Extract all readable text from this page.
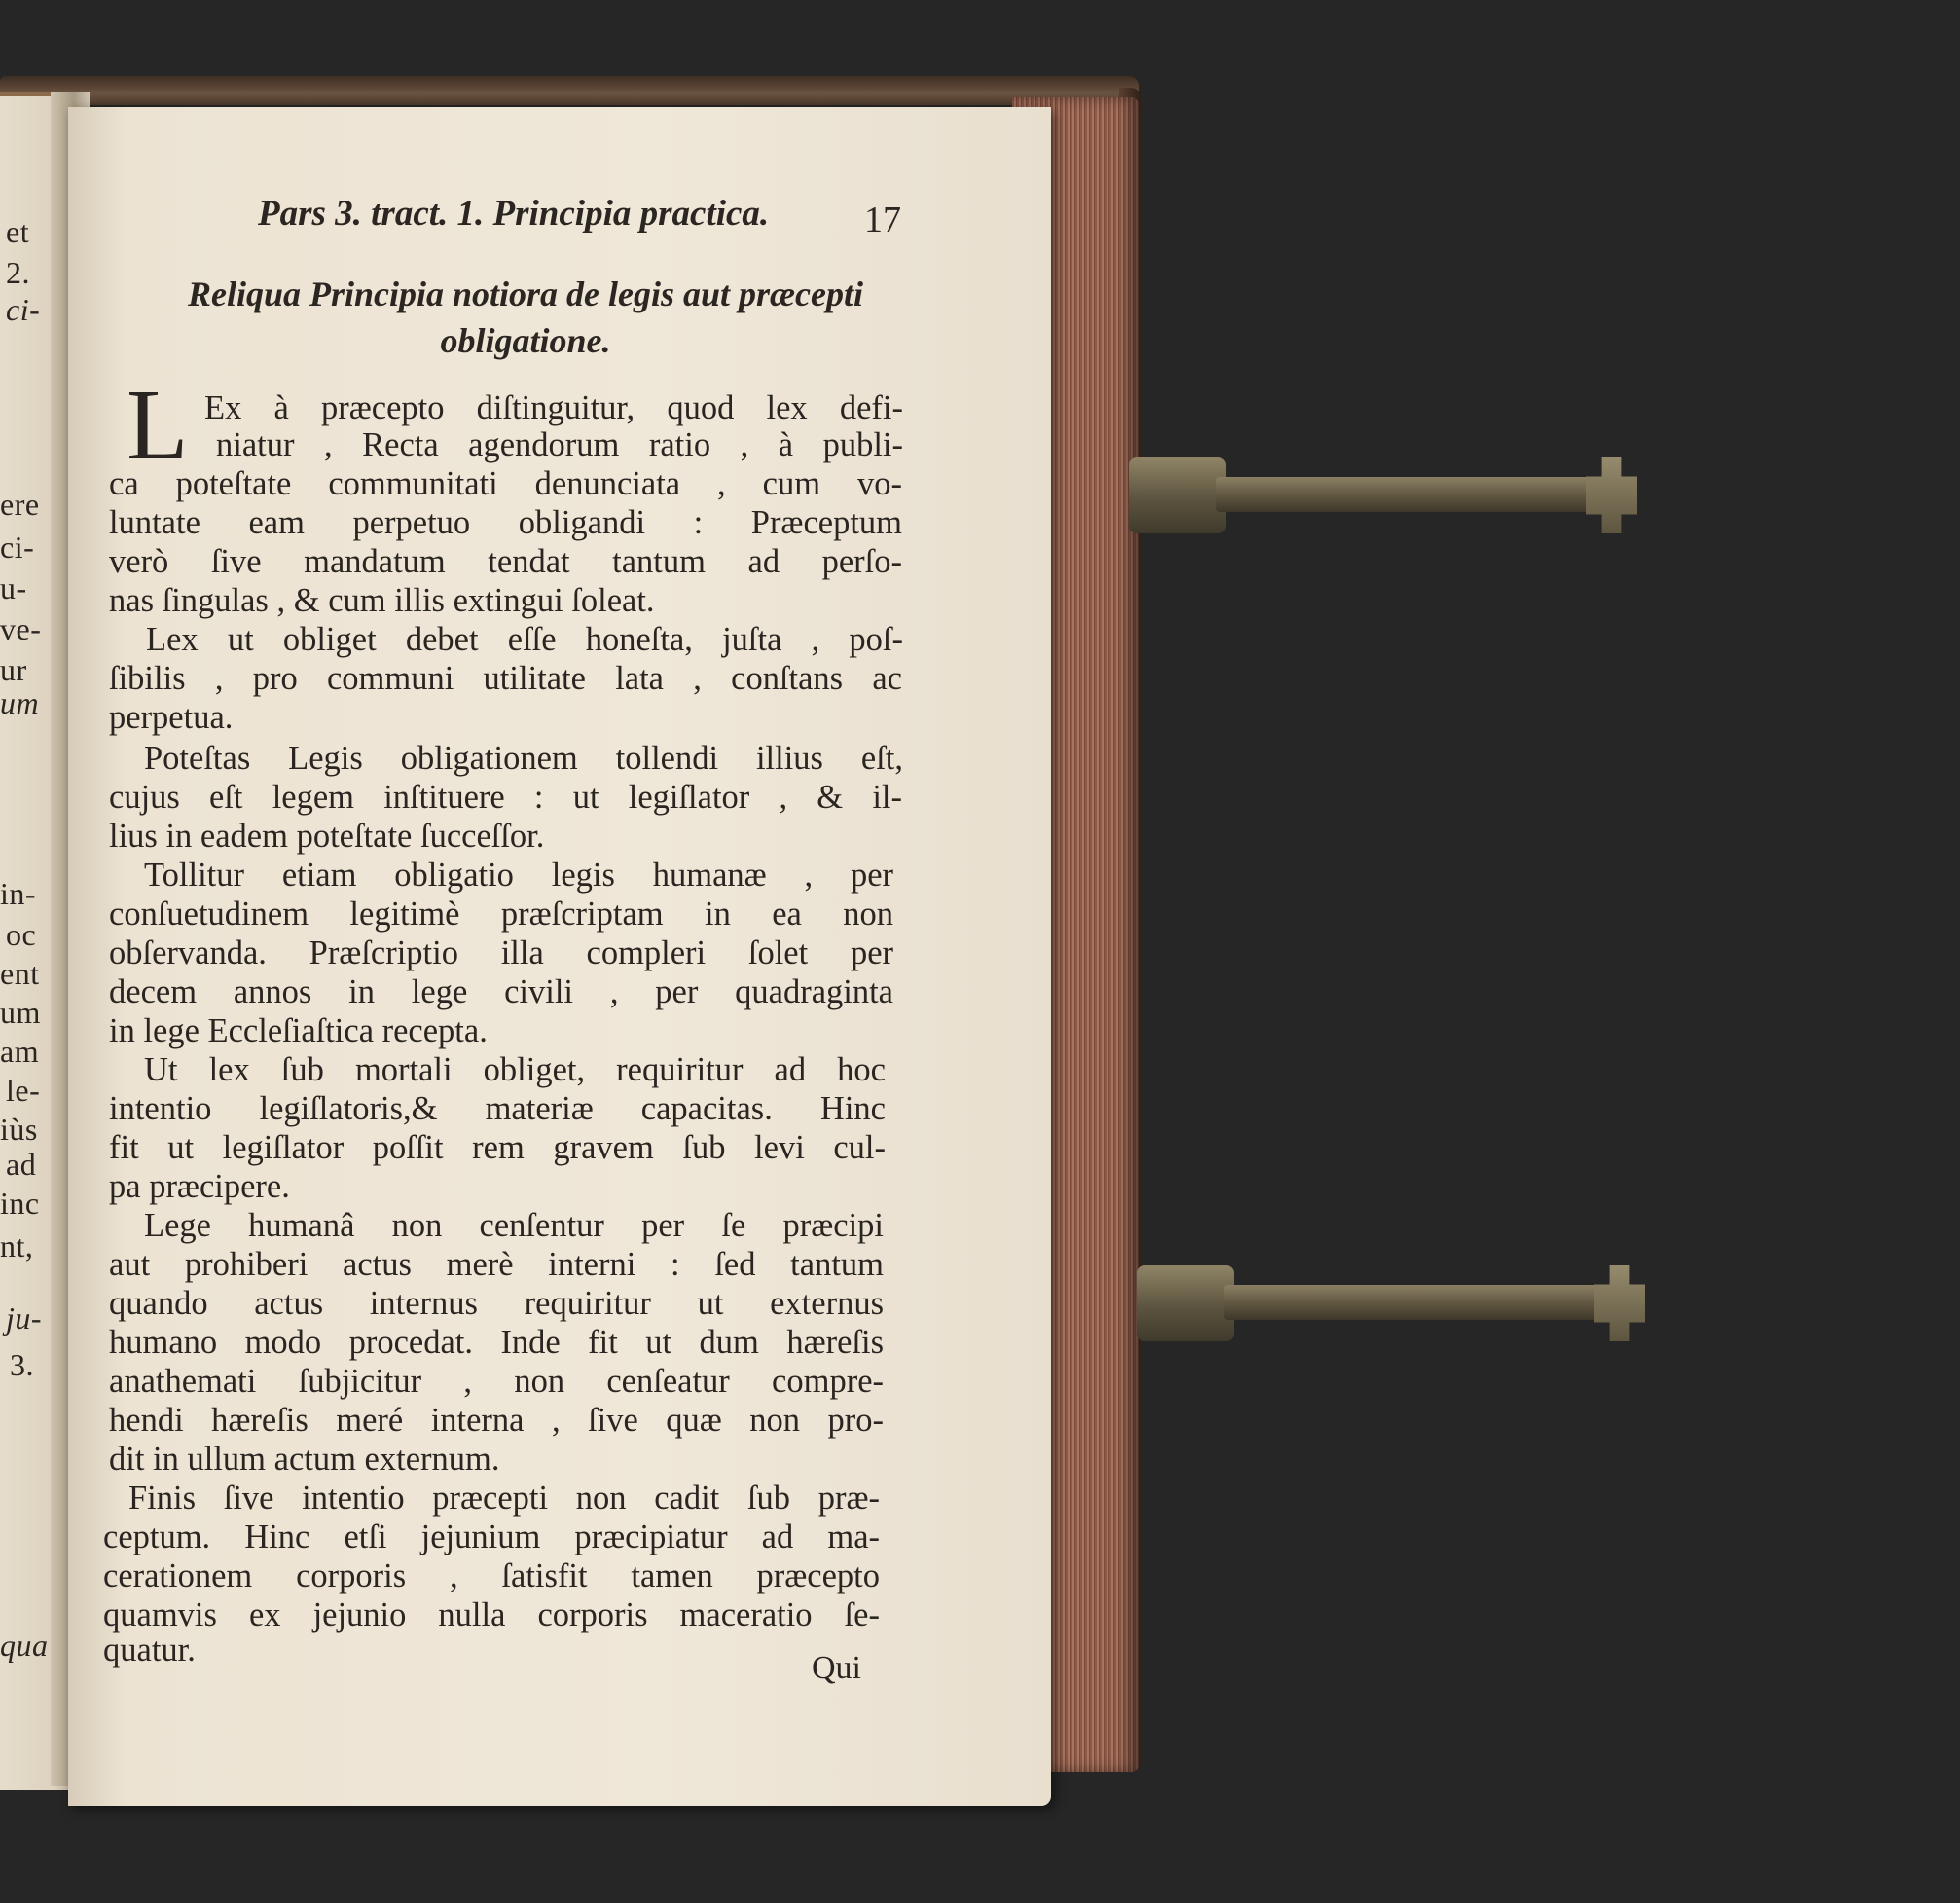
et
2.
ci-
ere
ci-
u-
ve-
ur
um
in-
oc
ent
um
am
le-
iùs
ad
inc
nt,
ju-
3.
qua
Pars 3. tract. 1. Principia practica.	17
Reliqua Principia notiora de legis aut præcepti
obligatione.
L Ex à præcepto diſtinguitur, quod lex defi-
niatur , Recta agendorum ratio , à publi-
ca poteſtate communitati denunciata , cum vo-
luntate eam perpetuo obligandi : Præceptum
verò ſive mandatum tendat tantum ad perſo-
nas ſingulas , & cum illis extingui ſoleat.
Lex ut obliget debet eſſe honeſta, juſta , poſ-
ſibilis , pro communi utilitate lata , conſtans ac
perpetua.
Poteſtas Legis obligationem tollendi illius eſt,
cujus eſt legem inſtituere : ut legiſlator , & il-
lius in eadem poteſtate ſucceſſor.
Tollitur etiam obligatio legis humanæ , per
conſuetudinem legitimè præſcriptam in ea non
obſervanda. Præſcriptio illa compleri ſolet per
decem annos in lege civili , per quadraginta
in lege Eccleſiaſtica recepta.
Ut lex ſub mortali obliget, requiritur ad hoc
intentio legiſlatoris,& materiæ capacitas. Hinc
fit ut legiſlator poſſit rem gravem ſub levi cul-
pa præcipere.
Lege humanâ non cenſentur per ſe præcipi
aut prohiberi actus merè interni : ſed tantum
quando actus internus requiritur ut externus
humano modo procedat. Inde fit ut dum hæreſis
anathemati ſubjicitur , non cenſeatur compre-
hendi hæreſis meré interna , ſive quæ non pro-
dit in ullum actum externum.
Finis ſive intentio præcepti non cadit ſub præ-
ceptum. Hinc etſi jejunium præcipiatur ad ma-
cerationem corporis , ſatisfit tamen præcepto
quamvis ex jejunio nulla corporis maceratio ſe-
quatur.	Qui
